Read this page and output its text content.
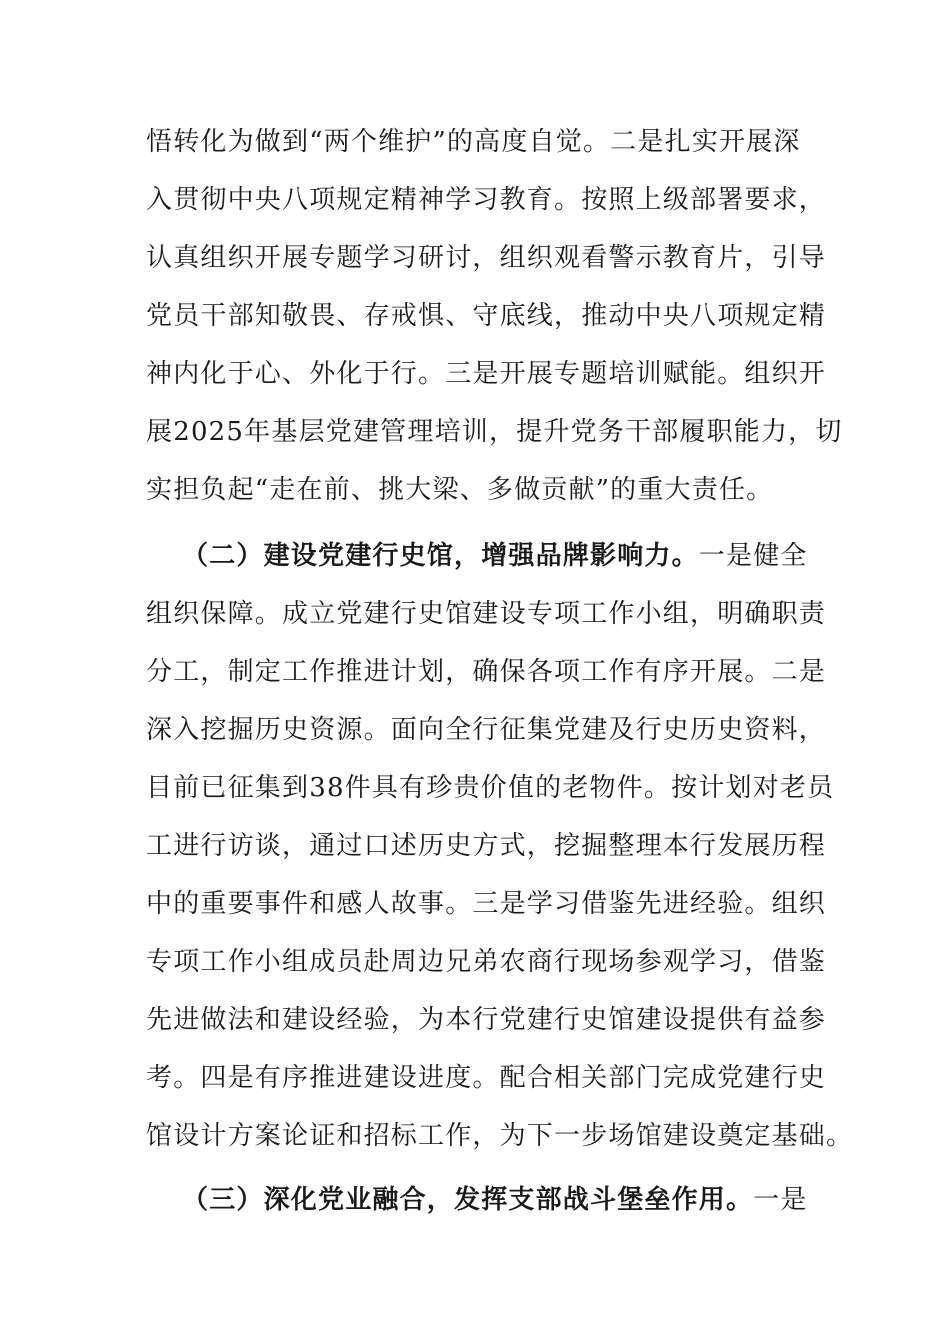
悟转化为做到“两个维护”的高度自觉。二是扎实开展深
入贯彻中央八项规定精神学习教育。按照上级部署要求，
认真组织开展专题学习研讨，组织观看警示教育片，引导
党员干部知敬畏、存戒惧、守底线，推动中央八项规定精
神内化于心、外化于行。三是开展专题培训赋能。组织开
展2025年基层党建管理培训，提升党务干部履职能力，切
实担负起“走在前、挑大梁、多做贡献”的重大责任。
（二）建设党建行史馆，增强品牌影响力。一是健全
组织保障。成立党建行史馆建设专项工作小组，明确职责
分工，制定工作推进计划，确保各项工作有序开展。二是
深入挖掘历史资源。面向全行征集党建及行史历史资料，
目前已征集到38件具有珍贵价值的老物件。按计划对老员
工进行访谈，通过口述历史方式，挖掘整理本行发展历程
中的重要事件和感人故事。三是学习借鉴先进经验。组织
专项工作小组成员赴周边兄弟农商行现场参观学习，借鉴
先进做法和建设经验，为本行党建行史馆建设提供有益参
考。四是有序推进建设进度。配合相关部门完成党建行史
馆设计方案论证和招标工作，为下一步场馆建设奠定基础。
（三）深化党业融合，发挥支部战斗堡垒作用。一是
